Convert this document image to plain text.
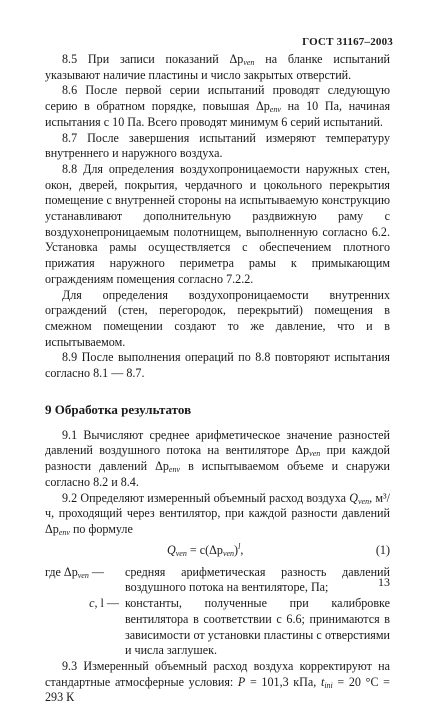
ГОСТ 31167–2003

8.5 При записи показаний $\Delta p_{ven}$ на бланке испытаний указывают наличие пластины и число закрытых отверстий.

8.6 После первой серии испытаний проводят следующую серию в обратном порядке, повышая $\Delta p_{env}$ на 10 Па, начиная испытания с 10 Па. Всего проводят минимум 6 серий испытаний.

8.7 После завершения испытаний измеряют температуру внутреннего и наружного воздуха.

8.8 Для определения воздухопроницаемости наружных стен, окон, дверей, покрытия, чердачного и цокольного перекрытия помещение с внутренней стороны на испытываемую конструкцию устанавливают дополнительную раздвижную раму с воздухонепроницаемым полотнищем, выполненную согласно 6.2. Установка рамы осуществляется с обеспечением плотного прижатия наружного периметра рамы к примыкающим ограждениям помещения согласно 7.2.2.

Для определения воздухопроницаемости внутренних ограждений (стен, перегородок, перекрытий) помещения в смежном помещении создают то же давление, что и в испытываемом.

8.9 После выполнения операций по 8.8 повторяют испытания согласно 8.1 — 8.7.

9 Обработка результатов

9.1 Вычисляют среднее арифметическое значение разностей давлений воздушного потока на вентиляторе $\Delta p_{ven}$ при каждой разности давлений $\Delta p_{env}$ в испытываемом объеме и снаружи согласно 8.2 и 8.4.

9.2 Определяют измеренный объемный расход воздуха $Q_{ven}$, м³/ч, проходящий через вентилятор, при каждой разности давлений $\Delta p_{env}$ по формуле

$Q_{ven} = c(\Delta p_{ven})^l$,	(1)
где $\Delta p_{ven}$ —	средняя арифметическая разность давлений воздушного потока на вентиляторе, Па;
c, l — константы, полученные при калибровке вентилятора в соответствии с 6.6; принимаются в зависимости от установки пластины с отверстиями и числа заглушек.

9.3 Измеренный объемный расход воздуха корректируют на стандартные атмосферные условия: P = 101,3 кПа, $t_{ini} = 20$ °С = 293 К

13
